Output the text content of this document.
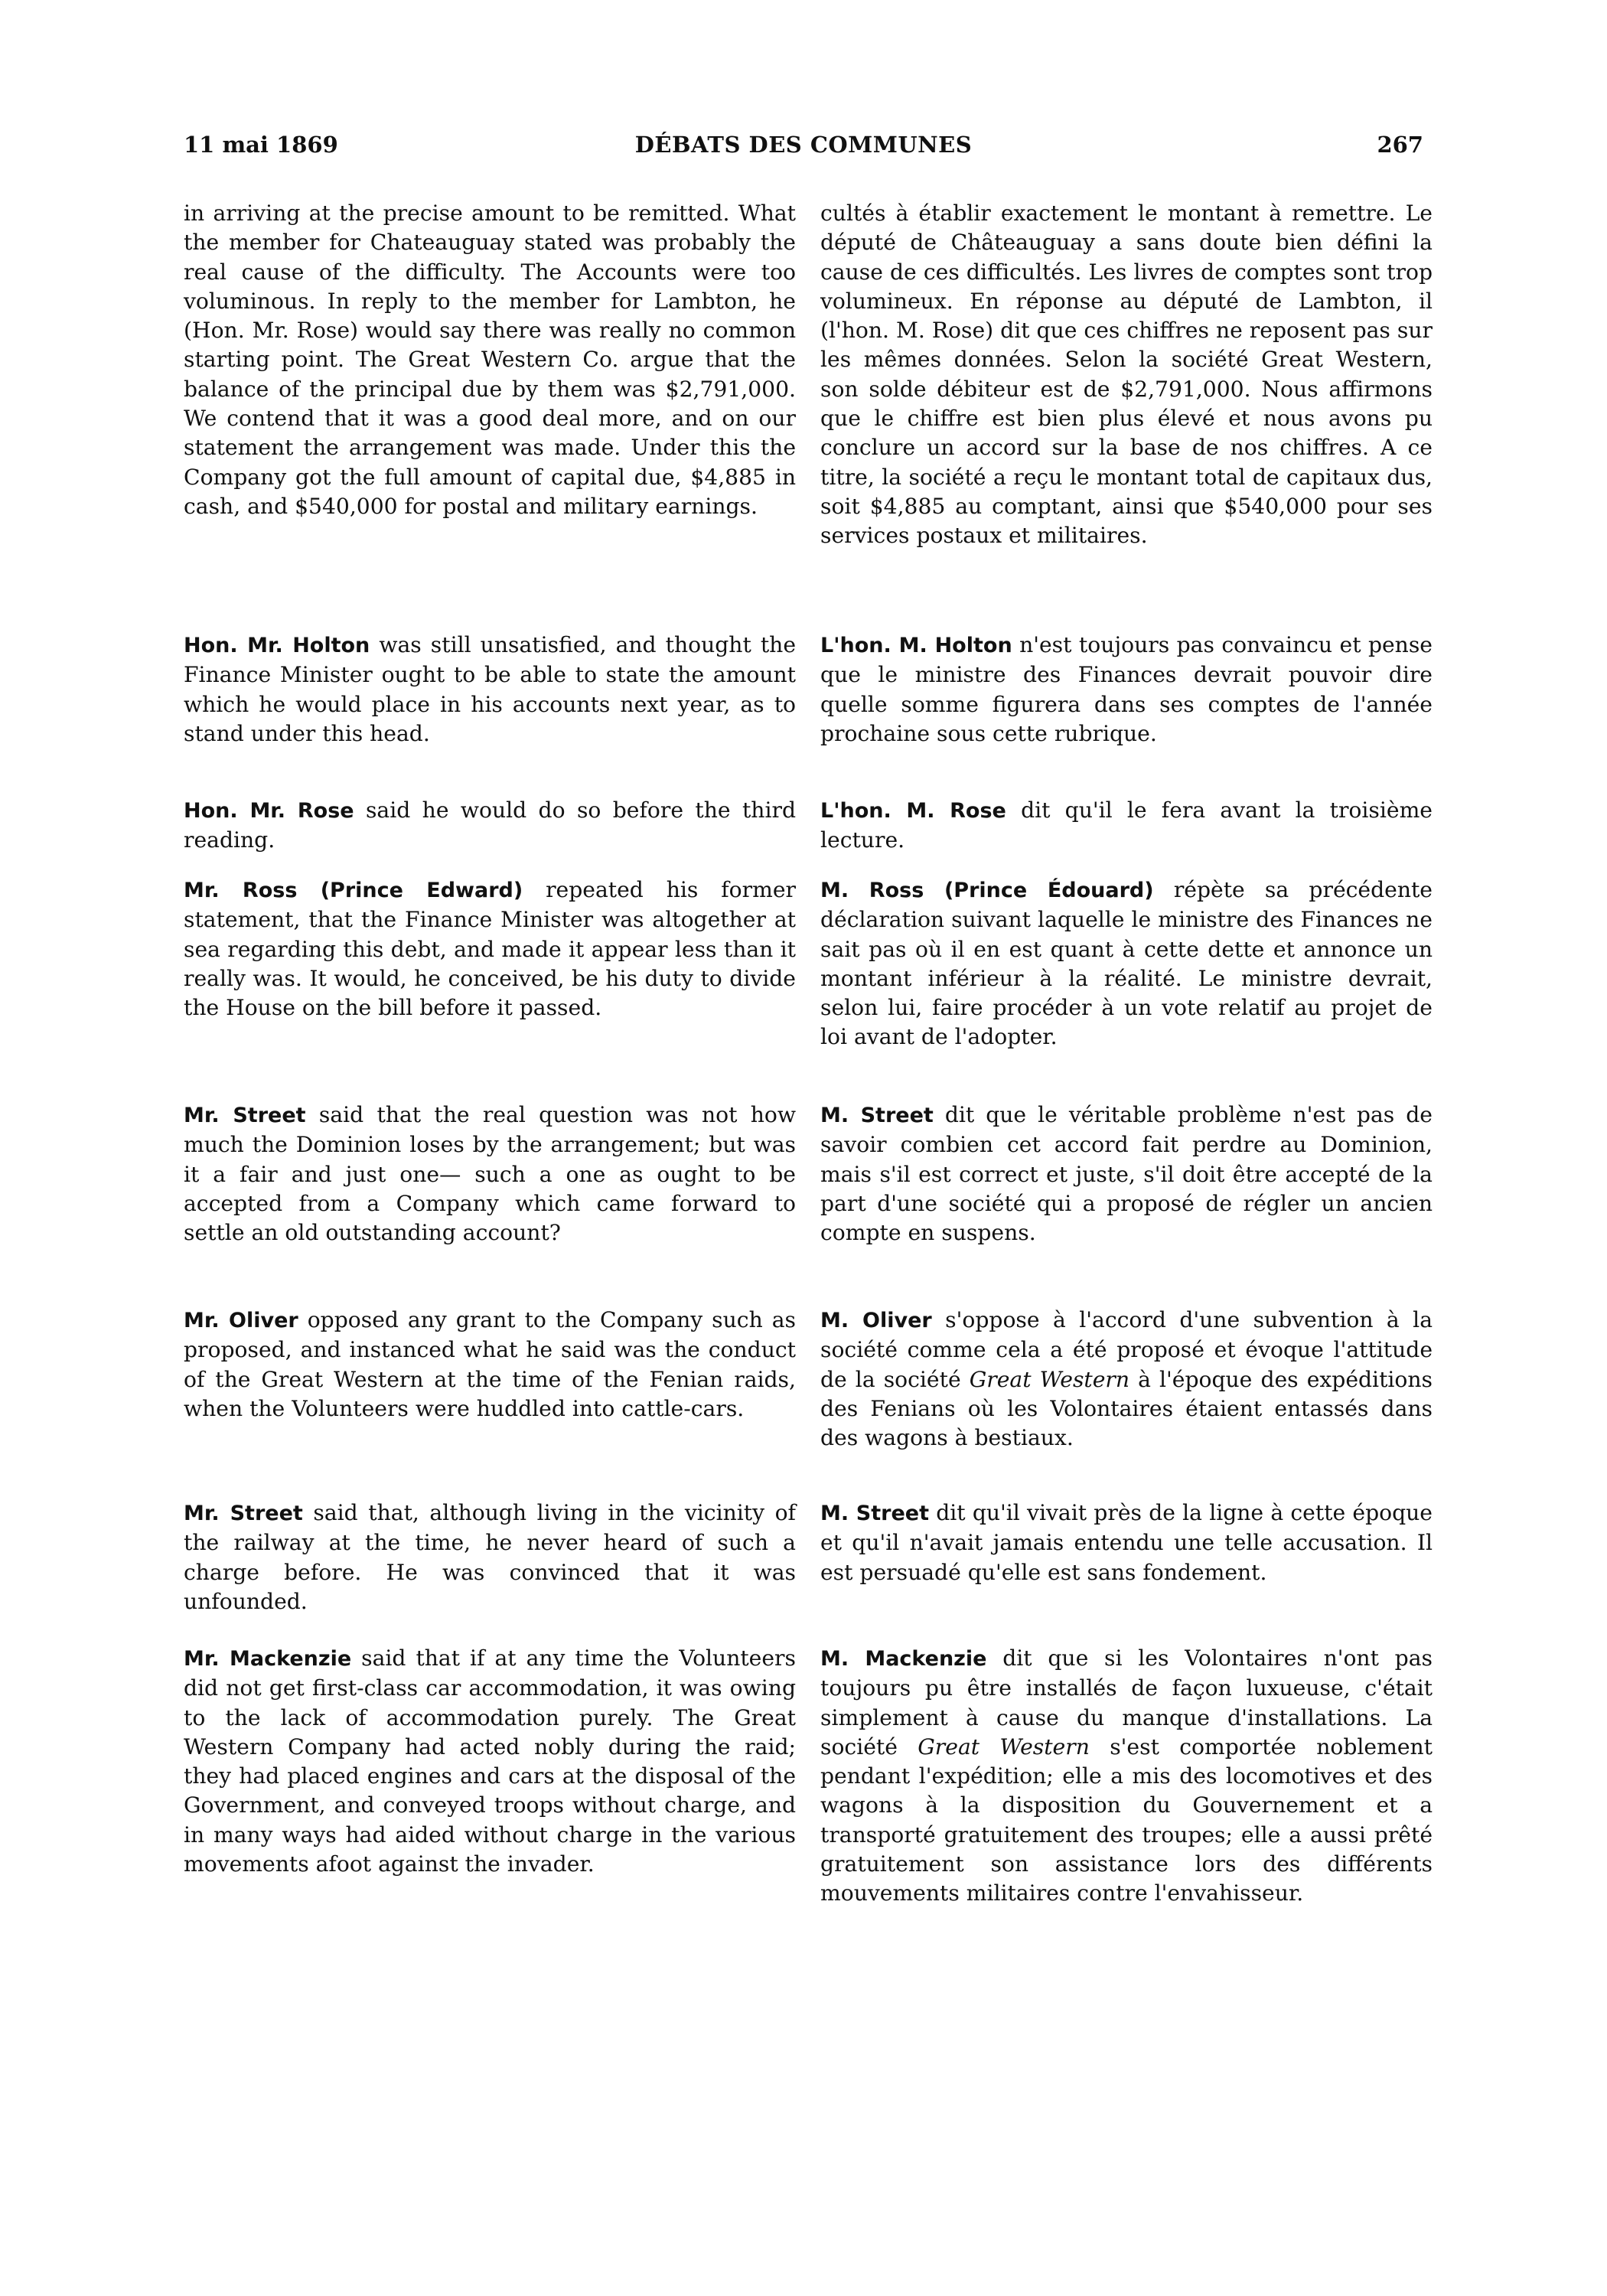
11 mai 1869	DÉBATS DES COMMUNES	267

in arriving at the precise amount to be remitted. What the member for Chateauguay stated was probably the real cause of the difficulty. The Accounts were too voluminous. In reply to the member for Lambton, he (Hon. Mr. Rose) would say there was really no common starting point. The Great Western Co. argue that the balance of the principal due by them was $2,791,000. We contend that it was a good deal more, and on our statement the arrangement was made. Under this the Company got the full amount of capital due, $4,885 in cash, and $540,000 for postal and military earnings.

Hon. Mr. Holton was still unsatisfied, and thought the Finance Minister ought to be able to state the amount which he would place in his accounts next year, as to stand under this head.

Hon. Mr. Rose said he would do so before the third reading.

Mr. Ross (Prince Edward) repeated his former statement, that the Finance Minister was altogether at sea regarding this debt, and made it appear less than it really was. It would, he conceived, be his duty to divide the House on the bill before it passed.

Mr. Street said that the real question was not how much the Dominion loses by the arrangement; but was it a fair and just one— such a one as ought to be accepted from a Company which came forward to settle an old outstanding account?

Mr. Oliver opposed any grant to the Company such as proposed, and instanced what he said was the conduct of the Great Western at the time of the Fenian raids, when the Volunteers were huddled into cattle-cars.

Mr. Street said that, although living in the vicinity of the railway at the time, he never heard of such a charge before. He was convinced that it was unfounded.

Mr. Mackenzie said that if at any time the Volunteers did not get first-class car accommodation, it was owing to the lack of accommodation purely. The Great Western Company had acted nobly during the raid; they had placed engines and cars at the disposal of the Government, and conveyed troops without charge, and in many ways had aided without charge in the various movements afoot against the invader.

cultés à établir exactement le montant à remettre. Le député de Châteauguay a sans doute bien défini la cause de ces difficultés. Les livres de comptes sont trop volumineux. En réponse au député de Lambton, il (l'hon. M. Rose) dit que ces chiffres ne reposent pas sur les mêmes données. Selon la société Great Western, son solde débiteur est de $2,791,000. Nous affirmons que le chiffre est bien plus élevé et nous avons pu conclure un accord sur la base de nos chiffres. A ce titre, la société a reçu le montant total de capitaux dus, soit $4,885 au comptant, ainsi que $540,000 pour ses services postaux et militaires.

L'hon. M. Holton n'est toujours pas convaincu et pense que le ministre des Finances devrait pouvoir dire quelle somme figurera dans ses comptes de l'année prochaine sous cette rubrique.

L'hon. M. Rose dit qu'il le fera avant la troisième lecture.

M. Ross (Prince Édouard) répète sa précédente déclaration suivant laquelle le ministre des Finances ne sait pas où il en est quant à cette dette et annonce un montant inférieur à la réalité. Le ministre devrait, selon lui, faire procéder à un vote relatif au projet de loi avant de l'adopter.

M. Street dit que le véritable problème n'est pas de savoir combien cet accord fait perdre au Dominion, mais s'il est correct et juste, s'il doit être accepté de la part d'une société qui a proposé de régler un ancien compte en suspens.

M. Oliver s'oppose à l'accord d'une subvention à la société comme cela a été proposé et évoque l'attitude de la société Great Western à l'époque des expéditions des Fenians où les Volontaires étaient entassés dans des wagons à bestiaux.

M. Street dit qu'il vivait près de la ligne à cette époque et qu'il n'avait jamais entendu une telle accusation. Il est persuadé qu'elle est sans fondement.

M. Mackenzie dit que si les Volontaires n'ont pas toujours pu être installés de façon luxueuse, c'était simplement à cause du manque d'installations. La société Great Western s'est comportée noblement pendant l'expédition; elle a mis des locomotives et des wagons à la disposition du Gouvernement et a transporté gratuitement des troupes; elle a aussi prêté gratuitement son assistance lors des différents mouvements militaires contre l'envahisseur.
